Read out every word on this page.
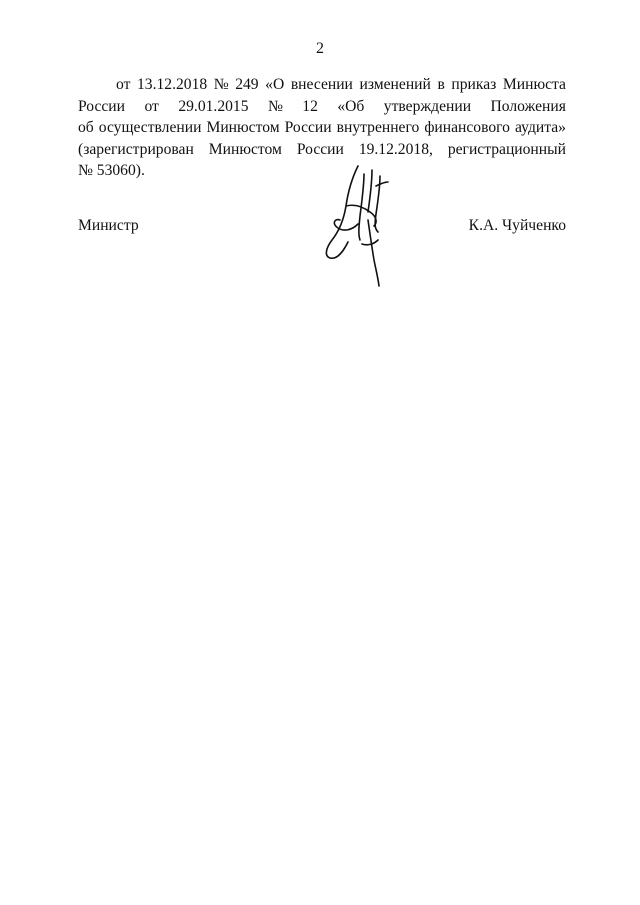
2
от 13.12.2018 № 249 «О внесении изменений в приказ Минюста
России от 29.01.2015 № 12 «Об утверждении Положения
об осуществлении Минюстом России внутреннего финансового аудита»
(зарегистрирован Минюстом России 19.12.2018, регистрационный
№ 53060).
Министр	К.А. Чуйченко
